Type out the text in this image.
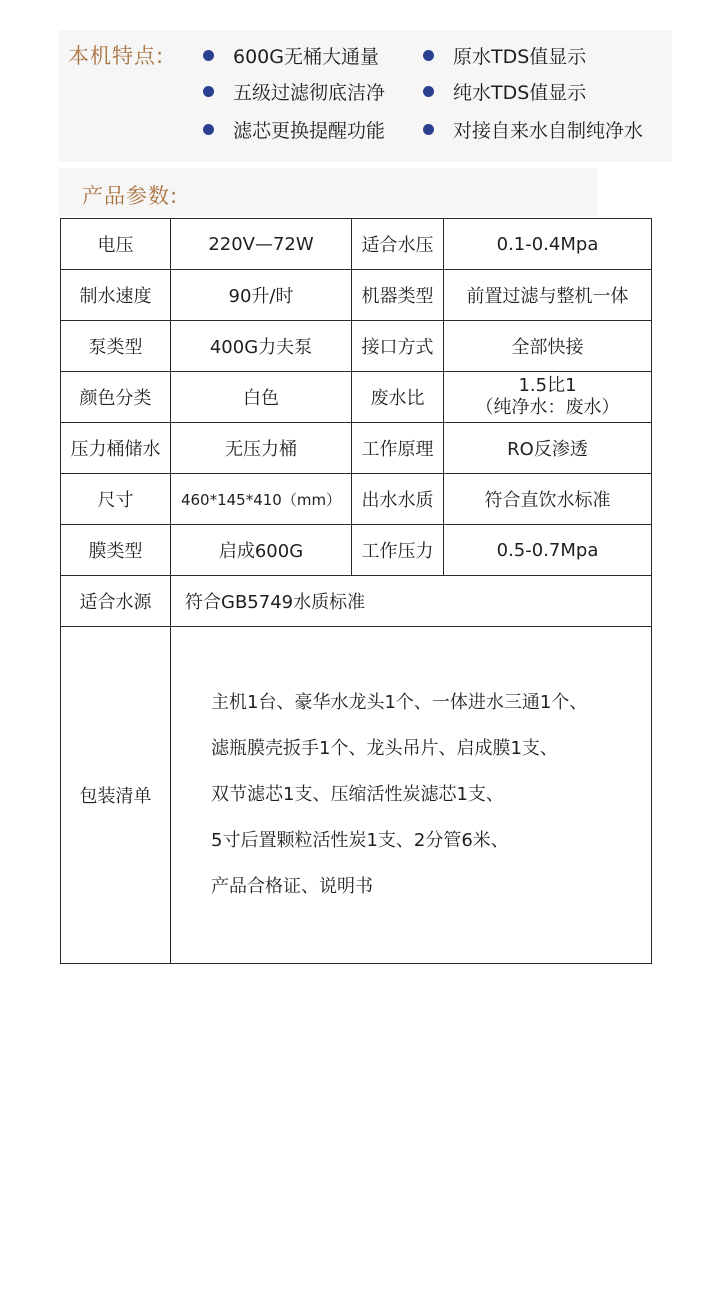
本机特点:	600G无桶大通量	原水TDS值显示
五级过滤彻底洁净	纯水TDS值显示
滤芯更换提醒功能	对接自来水自制纯净水
产品参数:
电压	220V—72W	适合水压	0.1-0.4Mpa
制水速度	90升/时	机器类型	前置过滤与整机一体
泵类型	400G力夫泵	接口方式	全部快接
颜色分类	白色	废水比	1.5比1
（纯净水：废水）

压力桶储水	无压力桶	工作原理	RO反渗透
尺寸	460*145*410（mm）	出水水质	符合直饮水标准
膜类型	启成600G	工作压力	0.5-0.7Mpa
适合水源	符合GB5749水质标准		
包装清单	主机1台、豪华水龙头1个、一体进水三通1个、
滤瓶膜壳扳手1个、龙头吊片、启成膜1支、
双节滤芯1支、压缩活性炭滤芯1支、
5寸后置颗粒活性炭1支、2分管6米、
产品合格证、说明书		
